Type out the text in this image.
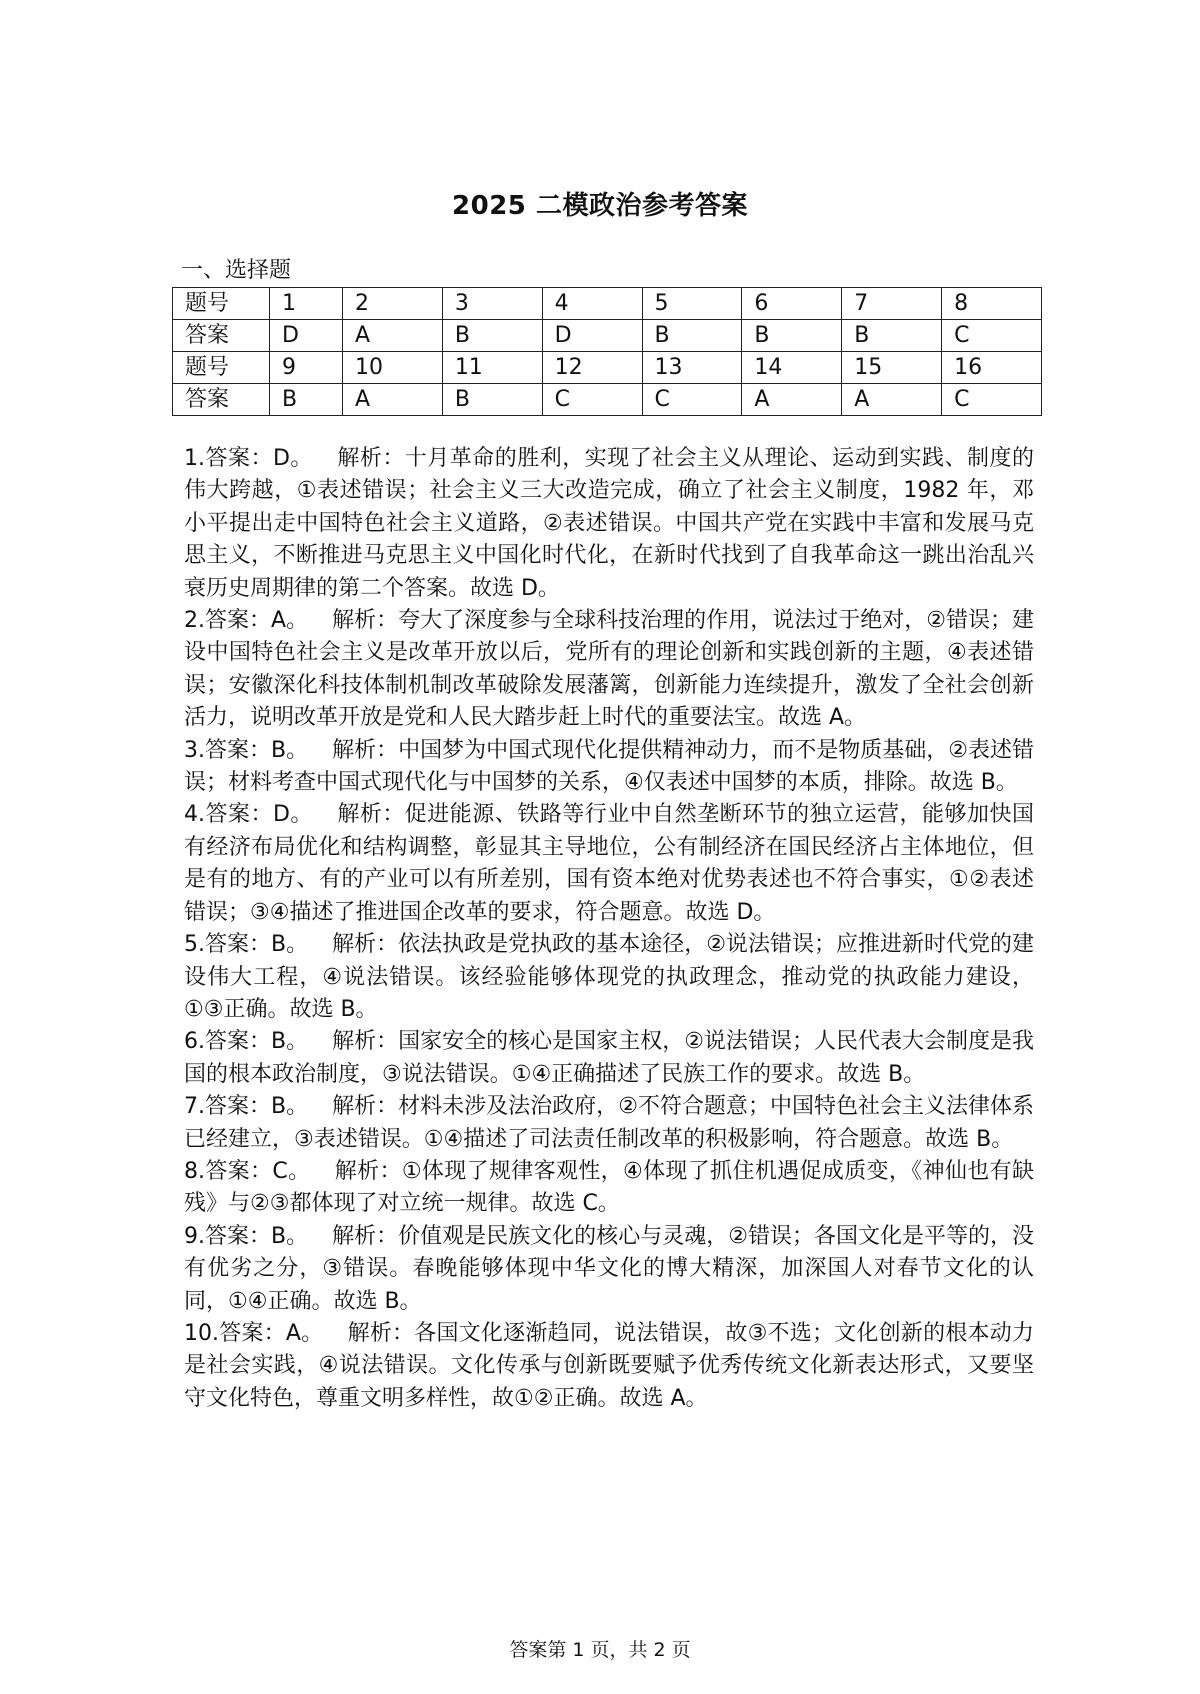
2025 二模政治参考答案
一、选择题
题号	1	2	3	4	5	6	7	8
答案	D	A	B	D	B	B	B	C
题号	9	10	11	12	13	14	15	16
答案	B	A	B	C	C	A	A	C

1.答案：D。 解析：十月革命的胜利，实现了社会主义从理论、运动到实践、制度的伟大跨越，①表述错误；社会主义三大改造完成，确立了社会主义制度，1982 年，邓小平提出走中国特色社会主义道路，②表述错误。中国共产党在实践中丰富和发展马克思主义，不断推进马克思主义中国化时代化，在新时代找到了自我革命这一跳出治乱兴衰历史周期律的第二个答案。故选 D。

2.答案：A。 解析：夸大了深度参与全球科技治理的作用，说法过于绝对，②错误；建设中国特色社会主义是改革开放以后，党所有的理论创新和实践创新的主题，④表述错误；安徽深化科技体制机制改革破除发展藩篱，创新能力连续提升，激发了全社会创新活力，说明改革开放是党和人民大踏步赶上时代的重要法宝。故选 A。

3.答案：B。 解析：中国梦为中国式现代化提供精神动力，而不是物质基础，②表述错误；材料考查中国式现代化与中国梦的关系，④仅表述中国梦的本质，排除。故选 B。

4.答案：D。 解析：促进能源、铁路等行业中自然垄断环节的独立运营，能够加快国有经济布局优化和结构调整，彰显其主导地位，公有制经济在国民经济占主体地位，但是有的地方、有的产业可以有所差别，国有资本绝对优势表述也不符合事实，①②表述错误；③④描述了推进国企改革的要求，符合题意。故选 D。

5.答案：B。 解析：依法执政是党执政的基本途径，②说法错误；应推进新时代党的建设伟大工程，④说法错误。该经验能够体现党的执政理念，推动党的执政能力建设，①③正确。故选 B。

6.答案：B。 解析：国家安全的核心是国家主权，②说法错误；人民代表大会制度是我国的根本政治制度，③说法错误。①④正确描述了民族工作的要求。故选 B。

7.答案：B。 解析：材料未涉及法治政府，②不符合题意；中国特色社会主义法律体系已经建立，③表述错误。①④描述了司法责任制改革的积极影响，符合题意。故选 B。

8.答案：C。 解析：①体现了规律客观性，④体现了抓住机遇促成质变，《神仙也有缺残》与②③都体现了对立统一规律。故选 C。

9.答案：B。 解析：价值观是民族文化的核心与灵魂，②错误；各国文化是平等的，没有优劣之分，③错误。春晚能够体现中华文化的博大精深，加深国人对春节文化的认同，①④正确。故选 B。

10.答案：A。 解析：各国文化逐渐趋同，说法错误，故③不选；文化创新的根本动力是社会实践，④说法错误。文化传承与创新既要赋予优秀传统文化新表达形式，又要坚守文化特色，尊重文明多样性，故①②正确。故选 A。

答案第 1 页，共 2 页
